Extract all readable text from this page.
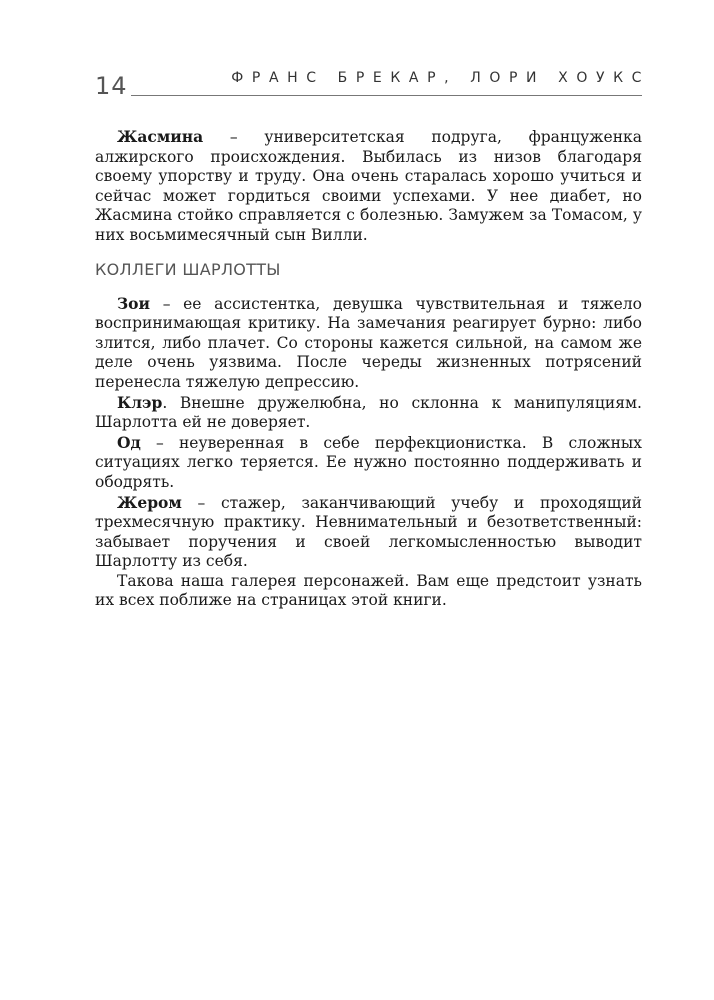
14	ФРАНС БРЕКАР, ЛОРИ ХОУКС

Жасмина – университетская подруга, француженка алжирского происхождения. Выбилась из низов благодаря своему упорству и труду. Она очень старалась хорошо учиться и сейчас может гордиться своими успехами. У нее диабет, но Жасмина стойко справляется с болезнью. Замужем за Томасом, у них восьмимесячный сын Вилли.

КОЛЛЕГИ ШАРЛОТТЫ

Зои – ее ассистентка, девушка чувствительная и тяжело воспринимающая критику. На замечания реагирует бурно: либо злится, либо плачет. Со стороны кажется сильной, на самом же деле очень уязвима. После череды жизненных потрясений перенесла тяжелую депрессию.

Клэр. Внешне дружелюбна, но склонна к манипуляциям. Шарлотта ей не доверяет.

Од – неуверенная в себе перфекционистка. В сложных ситуациях легко теряется. Ее нужно постоянно поддерживать и ободрять.

Жером – стажер, заканчивающий учебу и проходящий трехмесячную практику. Невнимательный и безответственный: забывает поручения и своей легкомысленностью выводит Шарлотту из себя.

Такова наша галерея персонажей. Вам еще предстоит узнать их всех поближе на страницах этой книги.
